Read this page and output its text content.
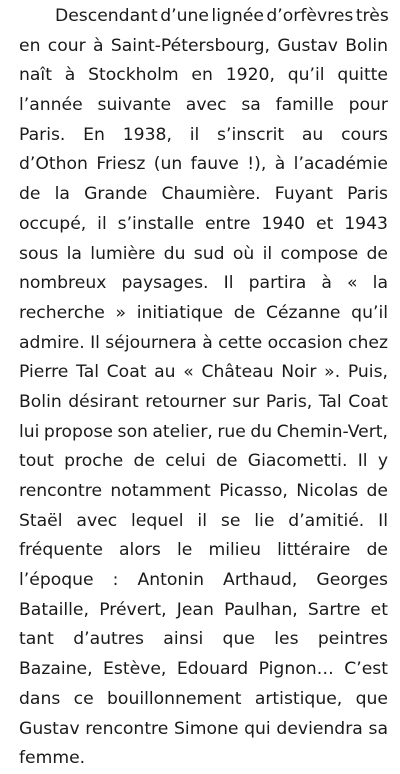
Descendant d’une lignée d’orfèvres très
en cour à Saint-Pétersbourg, Gustav Bolin
naît à Stockholm en 1920, qu’il quitte
l’année suivante avec sa famille pour
Paris. En 1938, il s’inscrit au cours
d’Othon Friesz (un fauve !), à l’académie
de la Grande Chaumière. Fuyant Paris
occupé, il s’installe entre 1940 et 1943
sous la lumière du sud où il compose de
nombreux paysages. Il partira à « la
recherche » initiatique de Cézanne qu’il
admire. Il séjournera à cette occasion chez
Pierre Tal Coat au « Château Noir ». Puis,
Bolin désirant retourner sur Paris, Tal Coat
lui propose son atelier, rue du Chemin-Vert,
tout proche de celui de Giacometti. Il y
rencontre notamment Picasso, Nicolas de
Staël avec lequel il se lie d’amitié. Il
fréquente alors le milieu littéraire de
l’époque : Antonin Arthaud, Georges
Bataille, Prévert, Jean Paulhan, Sartre et
tant d’autres ainsi que les peintres
Bazaine, Estève, Edouard Pignon… C’est
dans ce bouillonnement artistique, que
Gustav rencontre Simone qui deviendra sa
femme.
